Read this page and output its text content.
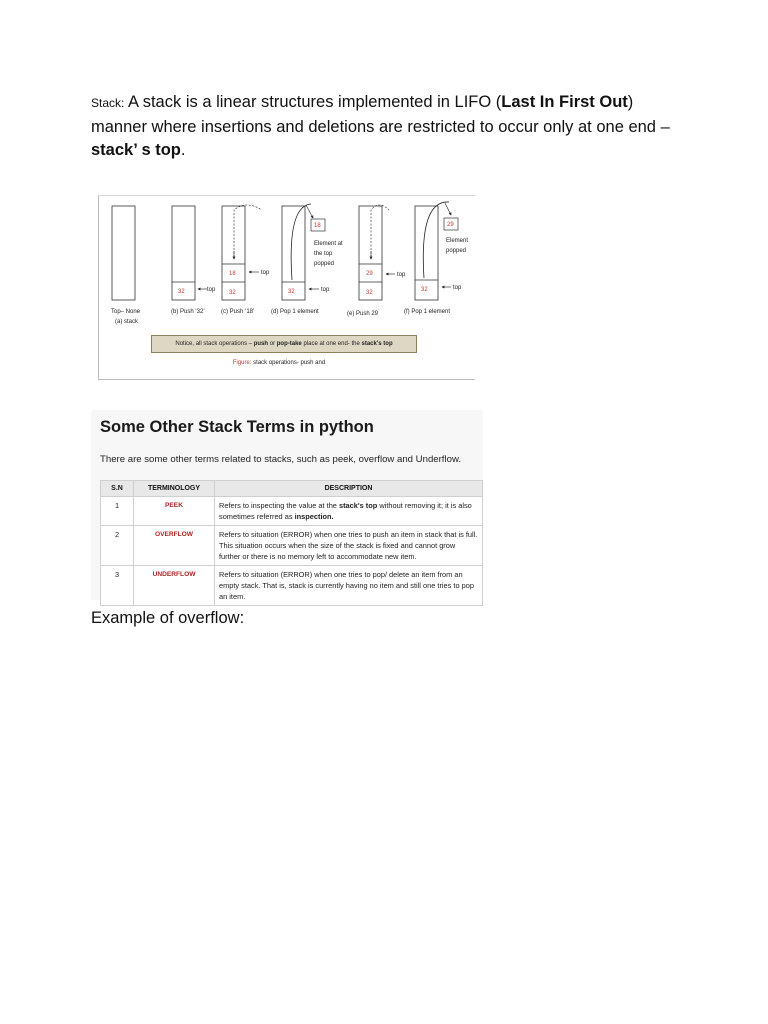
Stack: A stack is a linear structures implemented in LIFO (Last In First Out) manner where insertions and deletions are restricted to occur only at one end – stack’ s top.
Top– None
(a) stack
32	top
(b) Push ‘32’
18
32
top
(c) Push ‘18’
32
18
Element at
the top
popped
top
(d) Pop 1 element
29
32
top
(e) Push 29
32
29
Element
popped
top
(f) Pop 1 element
Notice, all stack operations – push or pop-take place at one end- the stack's top
Figure: stack operations- push and
Some Other Stack Terms in python
There are some other terms related to stacks, such as peek, overflow and Underflow.
S.N	TERMINOLOGY	DESCRIPTION
1	PEEK	Refers to inspecting the value at the stack's top without removing it; it is also sometimes referred as inspection.
2	OVERFLOW	Refers to situation (ERROR) when one tries to push an item in stack that is full. This situation occurs when the size of the stack is fixed and cannot grow further or there is no memory left to accommodate new item.
3	UNDERFLOW	Refers to situation (ERROR) when one tries to pop/ delete an item from an empty stack. That is, stack is currently having no item and still one tries to pop an item.
Example of overflow:
